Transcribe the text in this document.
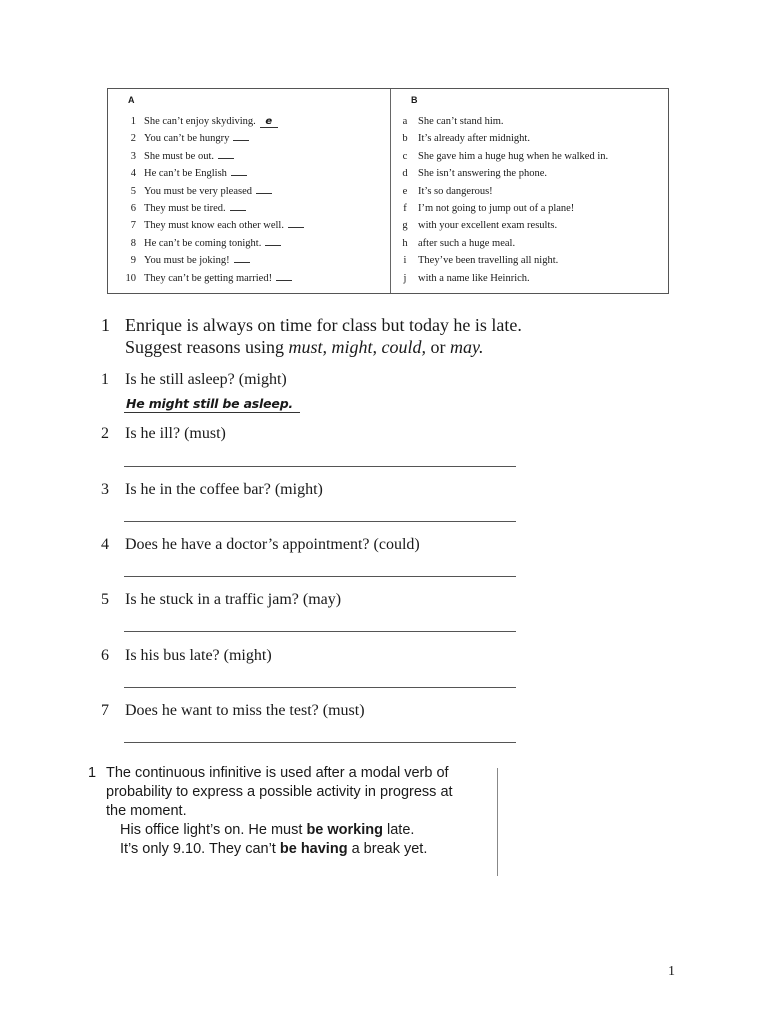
A	B
1 She can’t enjoy skydiving. e
2 You can’t be hungry
3 She must be out.
4 He can’t be English
5 You must be very pleased
6 They must be tired.
7 They must know each other well.
8 He can’t be coming tonight.
9 You must be joking!
10 They can’t be getting married!
a She can’t stand him.
b It’s already after midnight.
c She gave him a huge hug when he walked in.
d She isn’t answering the phone.
e It’s so dangerous!
f I’m not going to jump out of a plane!
g with your excellent exam results.
h after such a huge meal.
i They’ve been travelling all night.
j with a name like Heinrich.
1 Enrique is always on time for class but today he is late.
Suggest reasons using must, might, could, or may.
1 Is he still asleep? (might)
He might still be asleep.
2 Is he ill? (must)
3 Is he in the coffee bar? (might)
4 Does he have a doctor’s appointment? (could)
5 Is he stuck in a traffic jam? (may)
6 Is his bus late? (might)
7 Does he want to miss the test? (must)
1 The continuous infinitive is used after a modal verb of
probability to express a possible activity in progress at
the moment.
His office light’s on. He must be working late.
It’s only 9.10. They can’t be having a break yet.
1
